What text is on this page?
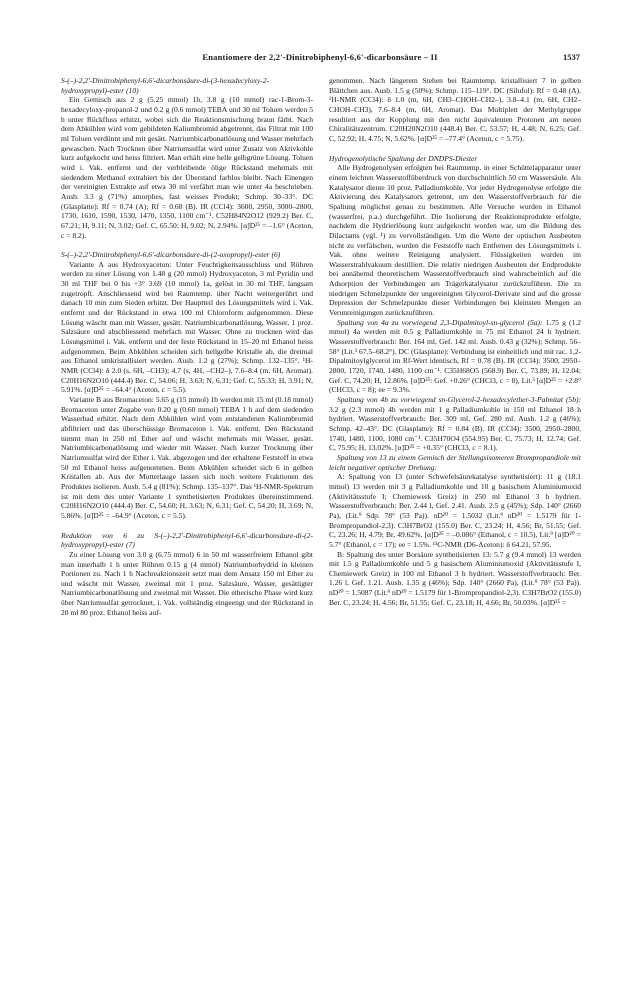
Enantiomere der 2,2'-Dinitrobiphenyl-6,6'-dicarbonsäure – II	1537
S-(–)-2,2'-Dinitrobiphenyl-6,6'-dicarbonsäure-di-(3-hexadecyloxy-2-hydroxypropyl)-ester (10)

Ein Gemisch aus 2 g (5.25 mmol) 1b, 3.8 g (10 mmol) rac-1-Brom-3-hexadecyloxy-propanol-2 und 0.2 g (0.6 mmol) TEBA und 30 ml Toluen werden 5 h unter Rückfluss erhitzt, wobei sich die Reaktionsmischung braun färbt. Nach dem Abkühlen wird vom gebildeten Kaliumbromid abgetrennt, das Filtrat mit 100 ml Toluen verdünnt und mit gesätt. Natriumbicarbonatlösung und Wasser mehrfach gewaschen. Nach Trocknen über Natriumsulfat wird unter Zusatz von Aktivkohle kurz aufgekocht und heiss filtriert. Man erhält eine helle gelbgrüne Lösung. Toluen wird i. Vak. entfernt und der verbleibende ölige Rückstand mehrmals mit siedendem Methanol extrahiert bis der Überstand farblos bleibt. Nach Einengen der vereinigten Extrakte auf etwa 30 ml verfährt man wie unter 4a beschrieben. Ausb. 3.3 g (71%) amorphes, fast weisses Produkt; Schmp. 30–33°. DC (Glasplatte): Rf = 0.74 (A); Rf = 0.68 (B). IR (CCl4): 3600, 2950, 3000–2800, 1730, 1610, 1590, 1530, 1470, 1350, 1100 cm⁻¹. C52H84N2O12 (929.2) Ber. C, 67.21; H, 9.11; N, 3.02; Gef. C, 65.50; H, 9.02; N, 2.94%. [α]D²⁵ = –1.6° (Aceton, c = 8.2).

S-(–)-2,2'-Dinitrobiphenyl-6,6'-dicarbonsäure-di-(2-oxopropyl)-ester (6)

Variante A aus Hydroxyaceton: Unter Feuchtigkeitsausschluss und Rühren werden zu einer Lösung von 1.48 g (20 mmol) Hydroxyaceton, 3 ml Pyridin und 30 ml THF bei 0 bis +3° 3.69 (10 mmol) 1a, gelöst in 30 ml THF, langsam zugetropft. Anschliessend wird bei Raumtemp. über Nacht weitergerührt und danach 10 min zum Sieden erhitzt. Der Hauptteil des Lösungsmittels wird i. Vak. entfernt und der Rückstand in etwa 100 ml Chloroform aufgenommen. Diese Lösung wäscht man mit Wasser, gesätt. Natriumbicarbonatlösung, Wasser, 1 proz. Salzsäure und abschliessend mehrfach mit Wasser. Ohne zu trocknen wird das Lösungsmittel i. Vak. entfernt und der feste Rückstand in 15–20 ml Ethanol heiss aufgenommen. Beim Abkühlen scheiden sich hellgelbe Kristalle ab, die dreimal aus Ethanol umkristallisiert werden. Ausb. 1.2 g (27%); Schmp. 132–135°. ¹H-NMR (CCl4): δ 2.0 (s, 6H, –CH3); 4.7 (s, 4H, –CH2–), 7.6–8.4 (m, 6H, Aromat). C20H16N2O10 (444.4) Ber. C, 54.06; H, 3.63; N, 6.31; Gef. C, 55.33; H, 3.91; N, 5.91%. [α]D²⁵ = –64.4° (Aceton, c = 5.5).

Variante B aus Bromaceton: 5.65 g (15 mmol) 1b werden mit 15 ml (0.18 mmol) Bromaceton unter Zugabe von 0.20 g (0.60 mmol) TEBA 1 h auf dem siedenden Wasserbad erhitzt. Nach dem Abkühlen wird vom entstandenen Kaliumbromid abfiltriert und das überschüssige Bromaceton i. Vak. entfernt. Den Rückstand nimmt man in 250 ml Ether auf und wäscht mehrmals mit Wasser, gesätt. Natriumbicarbonatlösung und wieder mit Wasser. Nach kurzer Trocknung über Natriumsulfat wird der Ether i. Vak. abgezogen und der erhaltene Feststoff in etwa 50 ml Ethanol heiss aufgenommen. Beim Abkühlen scheidet sich 6 in gelben Kristallen ab. Aus der Mutterlauge lassen sich noch weitere Fraktionen des Produktes isolieren. Ausb. 5.4 g (81%); Schmp. 135–137°. Das ¹H-NMR-Spektrum ist mit dem des unter Variante 1 synthetisierten Produktes übereinstimmend. C20H16N2O10 (444.4) Ber. C, 54.60; H, 3.63; N, 6.31; Gef. C, 54.20; H, 3.69; N, 5.86%. [α]D²⁵ = –64.9° (Aceton, c = 5.5).

Reduktion von 6 zu S-(–)-2,2'-Dinitrobiphenyl-6,6'-dicarbonsäure-di-(2-hydroxypropyl)-ester (7)

Zu einer Lösung von 3.0 g (6.75 mmol) 6 in 50 ml wasserfreiem Ethanol gibt man innerhalb 1 h unter Rühren 0.15 g (4 mmol) Natriumborhydrid in kleinen Portionen zu. Nach 1 h Nachreaktionszeit setzt man dem Ansatz 150 ml Ether zu und wäscht mit Wasser, zweimal mit 1 proz. Salzsäure, Wasser, gesättigter Natriumbicarbonatlösung und zweimal mit Wasser. Die etherische Phase wird kurz über Natriumsulfat getrocknet, i. Vak. vollständig eingeengt und der Rückstand in 20 ml 80 proz. Ethanol heiss auf-

genommen. Nach längerem Stehen bei Raumtemp. kristallisiert 7 in gelben Blättchen aus. Ausb. 1.5 g (50%); Schmp. 115–119°. DC (Silufol): Rf = 0.48 (A). ¹H-NMR (CCl4): δ 1.0 (m, 6H, CH3–CHOH–CH2–), 3.8–4.1 (m, 6H, CH2–CHOH–CH3), 7.6–8.4 (m, 6H, Aromat). Das Multiplett der Methylgruppe resultiert aus der Kopplung mit den nicht äquivalenten Protonen am neuen Chiralitätszentrum. C20H20N2O10 (448.4) Ber. C, 53.57; H, 4.48; N, 6.25; Gef. C, 52.92; H, 4.75; N, 5.62%. [α]D²⁵ = –77.4° (Aceton, c = 5.75).
Hydrogenolytische Spaltung der DNDPS-Diester

Alle Hydrogenolysen erfolgten bei Raumtemp. in einer Schüttelapparatur unter einem leichten Wasserstoffüberdruck von durchschnittlich 50 cm Wassersäule. Als Katalysator diente 10 proz. Palladiumkohle. Vor jeder Hydrogenolyse erfolgte die Aktivierung des Katalysators getrennt, um den Wasserstoffverbrauch für die Spaltung möglichst genau zu bestimmen. Alle Versuche wurden in Ethanol (wasserfrei, p.a.) durchgeführt. Die Isolierung der Reaktionsprodukte erfolgte, nachdem die Hydrierlösung kurz aufgekocht worden war, um die Bildung des Dilactams (vgl. ¹) zu vervollständigen. Um die Werte der optischen Ausbeuten nicht zu verfälschen, wurden die Feststoffe nach Entfernen des Lösungsmittels i. Vak. ohne weitere Reinigung analysiert. Flüssigkeiten wurden im Wasserstrahlvakuum destilliert. Die relativ niedrigen Ausbeuten der Endprodukte bei annähernd theoretischem Wasserstoffverbrauch sind wahrscheinlich auf die Adsorption der Verbindungen am Trägerkatalysator zurückzuführen. Die zu niedrigen Schmelzpunkte der ungereinigten Glycerol-Derivate sind auf die grosse Depression der Schmelzpunkte dieser Verbindungen bei kleinsten Mengen an Verunreinigungen zurückzuführen.

Spaltung von 4a zu vorwiegend 2,3-Dipalmitoyl-sn-glycerol (5a): 1.75 g (1.2 mmol) 4a werden mit 0.5 g Palladiumkohle in 75 ml Ethanol 24 h hydriert. Wasserstoffverbrauch: Ber. 164 ml, Gef. 142 ml. Ausb. 0.43 g (32%); Schmp. 56–58° (Lit.³ 67.5–68.2°). DC (Glasplatte): Verbindung ist einheitlich und mit rac. 1,2-Dipalmitoylglycerol im Rf-Wert identisch, Rf = 0.78 (B). IR (CCl4): 3500, 2950–2800, 1720, 1740, 1480, 1100 cm⁻¹. C35H68O5 (568.9) Ber. C, 73.89; H, 12.04; Gef. C, 74.20; H, 12.86%. [α]D²⁵: Gef. +0.26° (CHCl3, c = 8), Lit.³ [α]D²⁵ = +2.8° (CHCl3, c = 8); ee = 9.3%.

Spaltung von 4b zu vorwiegend sn-Glycerol-2-hexadecylether-3-Palmitat (5b): 3.2 g (2.3 mmol) 4b werden mit 1 g Palladiumkohle in 150 ml Ethanol 18 h hydriert. Wasserstoffverbrauch: Ber. 309 ml, Gef. 280 ml. Ausb. 1.2 g (46%); Schmp. 42–43°. DC (Glasplatte): Rf = 0.84 (B). IR (CCl4): 3500, 2950–2800, 1740, 1480, 1100, 1080 cm⁻¹. C35H70O4 (554.95) Ber. C, 75.73; H, 12.74; Gef. C, 75.95; H, 13.02%. [α]D²⁵ = +0.35° (CHCl3, c = 8.1).

Spaltung von 13 zu einem Gemisch der Stellungsisomeren Brompropandiole mit leicht negativer optischer Drehung:

A: Spaltung von 13 (unter Schwefelsäurekatalyse synthetisiert): 11 g (18.1 mmol) 13 werden mit 3 g Palladiumkohle und 10 g basischem Aluminiumoxid (Aktivitätsstufe I; Chemiewerk Greiz) in 250 ml Ethanol 3 h hydriert. Wasserstoffverbrauch: Ber. 2.44 l, Gef. 2.41. Ausb. 2.5 g (45%); Sdp. 140° (2660 Pa), (Lit.⁹ Sdp. 78° (53 Pa)). nD²⁰ = 1.5032 (Lit.⁹ nD²⁰ = 1.5179 für 1-Brompropandiol-2,3). C3H7BrO2 (155.0) Ber. C, 23.24; H, 4.56; Br, 51.55; Gef. C, 23.26; H, 4.79; Br, 49.62%. [α]D²⁵ = –0.086° (Ethanol, c = 10.5), Lit.⁹ [α]D²⁰ = 5.7° (Ethanol, c = 17); ee = 1.5%. ¹³C-NMR (D6-Aceton): δ 64.21, 57.95.

B: Spaltung des unter Borsäure synthetisierten 13: 5.7 g (9.4 mmol) 13 werden mit 1.5 g Palladiumkohle und 5 g basischem Aluminiumoxid (Aktivitätsstufe I, Chemiewerk Greiz) in 100 ml Ethanol 3 h hydriert. Wasserstoffverbrauch: Ber. 1.26 l, Gef. 1.21. Ausb. 1.35 g (46%); Sdp. 140° (2660 Pa), (Lit.⁹ 78° (53 Pa)). nD²⁰ = 1.5087 (Lit.⁹ nD²⁰ = 1.5179 für 1-Brompropandiol-2,3). C3H7BrO2 (155.0) Ber. C, 23.24; H, 4.56; Br, 51.55; Gef. C, 23.18; H, 4.66; Br, 50.03%. [α]D²⁵ =
